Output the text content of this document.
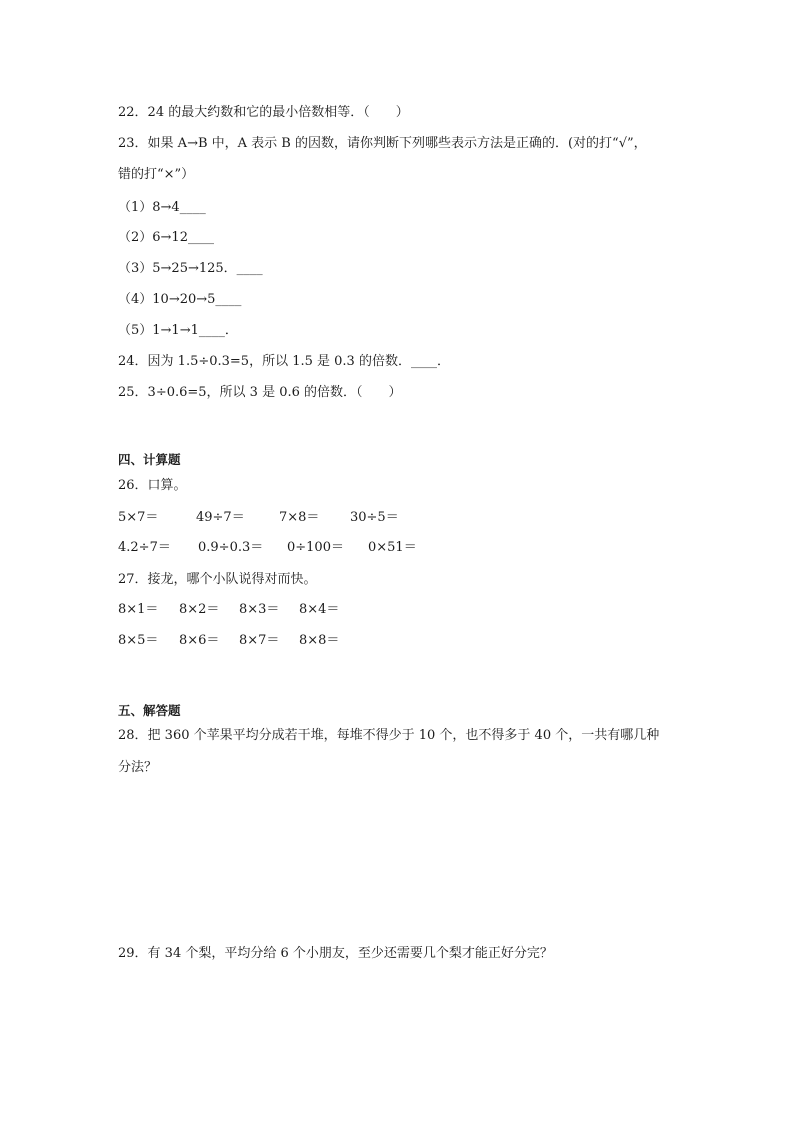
22．24 的最大约数和它的最小倍数相等．（　　）
23．如果 A→B 中，A 表示 B 的因数，请你判断下列哪些表示方法是正确的．(对的打“√”，
错的打“×”）
（1）8→4____
（2）6→12____
（3）5→25→125．____
（4）10→20→5____
（5）1→1→1____．
24．因为 1.5÷0.3=5，所以 1.5 是 0.3 的倍数．____．
25．3÷0.6=5，所以 3 是 0.6 的倍数．（　　）
四、计算题
26．口算。
5×7＝	49÷7＝	7×8＝ 30÷5＝
4.2÷7＝ 0.9÷0.3＝ 0÷100＝ 0×51＝
27．接龙，哪个小队说得对而快。
8×1＝ 8×2＝ 8×3＝ 8×4＝
8×5＝ 8×6＝ 8×7＝ 8×8＝
五、解答题
28．把 360 个苹果平均分成若干堆，每堆不得少于 10 个，也不得多于 40 个，一共有哪几种
分法？
29．有 34 个梨，平均分给 6 个小朋友，至少还需要几个梨才能正好分完？
